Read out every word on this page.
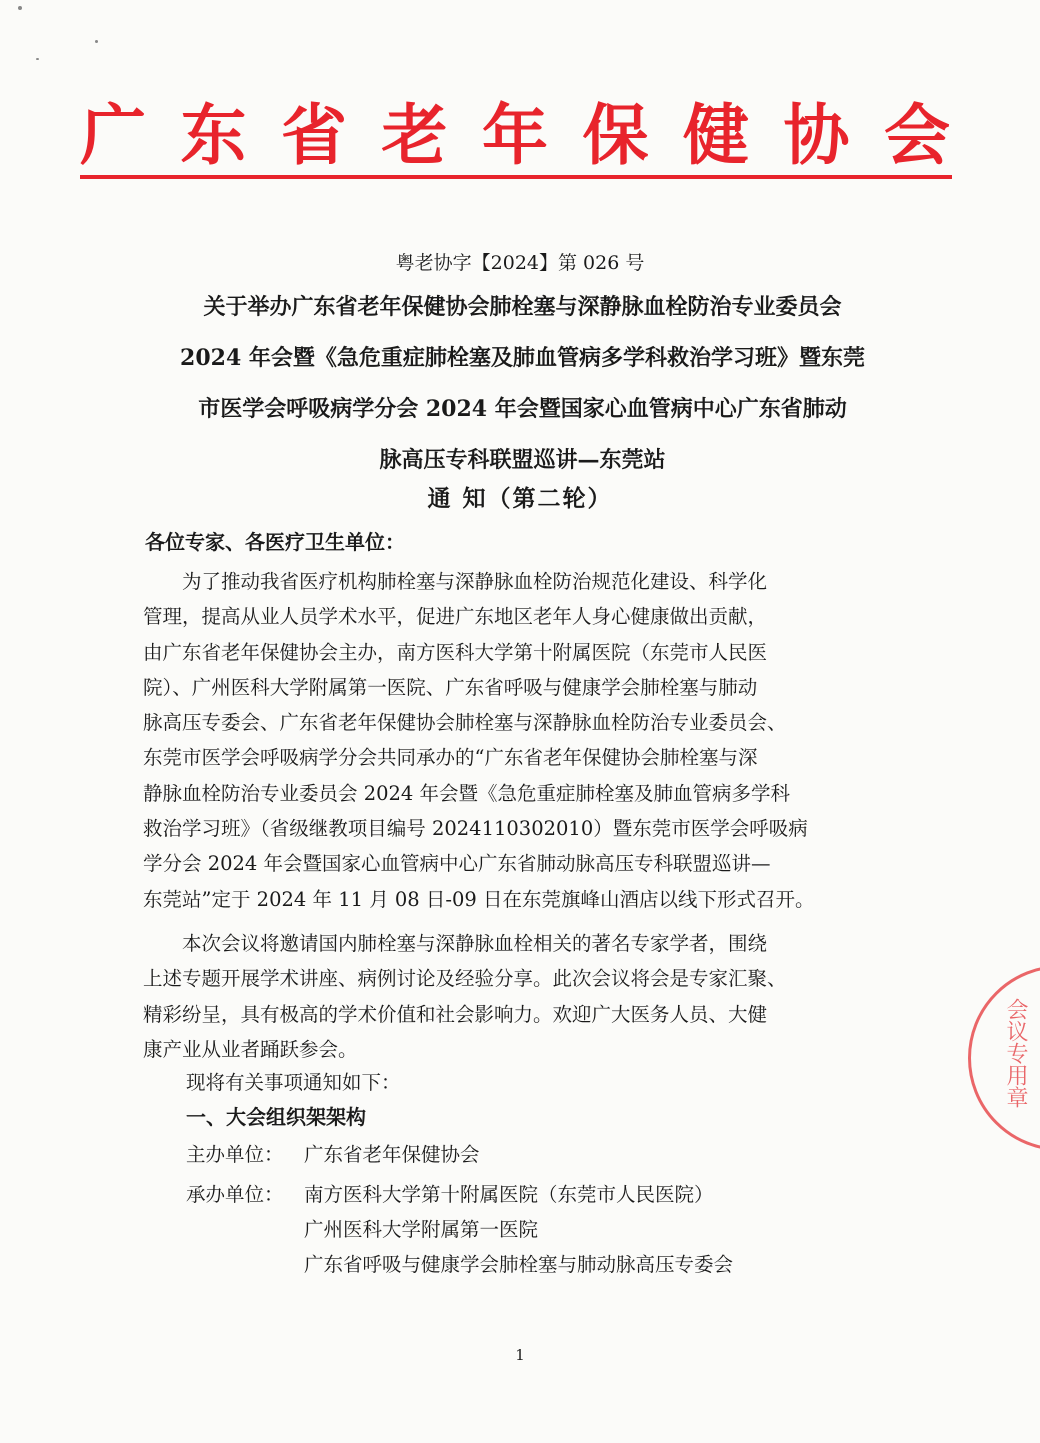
广 东 省 老 年 保 健 协 会
粤老协字【2024】第 026 号
关于举办广东省老年保健协会肺栓塞与深静脉血栓防治专业委员会
2024 年会暨《急危重症肺栓塞及肺血管病多学科救治学习班》暨东莞
市医学会呼吸病学分会 2024 年会暨国家心血管病中心广东省肺动
脉高压专科联盟巡讲—东莞站
通 知（第二轮）
各位专家、各医疗卫生单位：
　　为了推动我省医疗机构肺栓塞与深静脉血栓防治规范化建设、科学化
管理，提高从业人员学术水平，促进广东地区老年人身心健康做出贡献，
由广东省老年保健协会主办，南方医科大学第十附属医院（东莞市人民医
院）、广州医科大学附属第一医院、广东省呼吸与健康学会肺栓塞与肺动
脉高压专委会、广东省老年保健协会肺栓塞与深静脉血栓防治专业委员会、
东莞市医学会呼吸病学分会共同承办的“广东省老年保健协会肺栓塞与深
静脉血栓防治专业委员会 2024 年会暨《急危重症肺栓塞及肺血管病多学科
救治学习班》（省级继教项目编号 2024110302010）暨东莞市医学会呼吸病
学分会 2024 年会暨国家心血管病中心广东省肺动脉高压专科联盟巡讲—
东莞站”定于 2024 年 11 月 08 日-09 日在东莞旗峰山酒店以线下形式召开。
　　本次会议将邀请国内肺栓塞与深静脉血栓相关的著名专家学者，围绕
上述专题开展学术讲座、病例讨论及经验分享。此次会议将会是专家汇聚、
精彩纷呈，具有极高的学术价值和社会影响力。欢迎广大医务人员、大健
康产业从业者踊跃参会。
现将有关事项通知如下：
一、大会组织架架构
主办单位： 广东省老年保健协会
承办单位： 南方医科大学第十附属医院（东莞市人民医院）
广州医科大学附属第一医院
广东省呼吸与健康学会肺栓塞与肺动脉高压专委会
1
会议专用章
